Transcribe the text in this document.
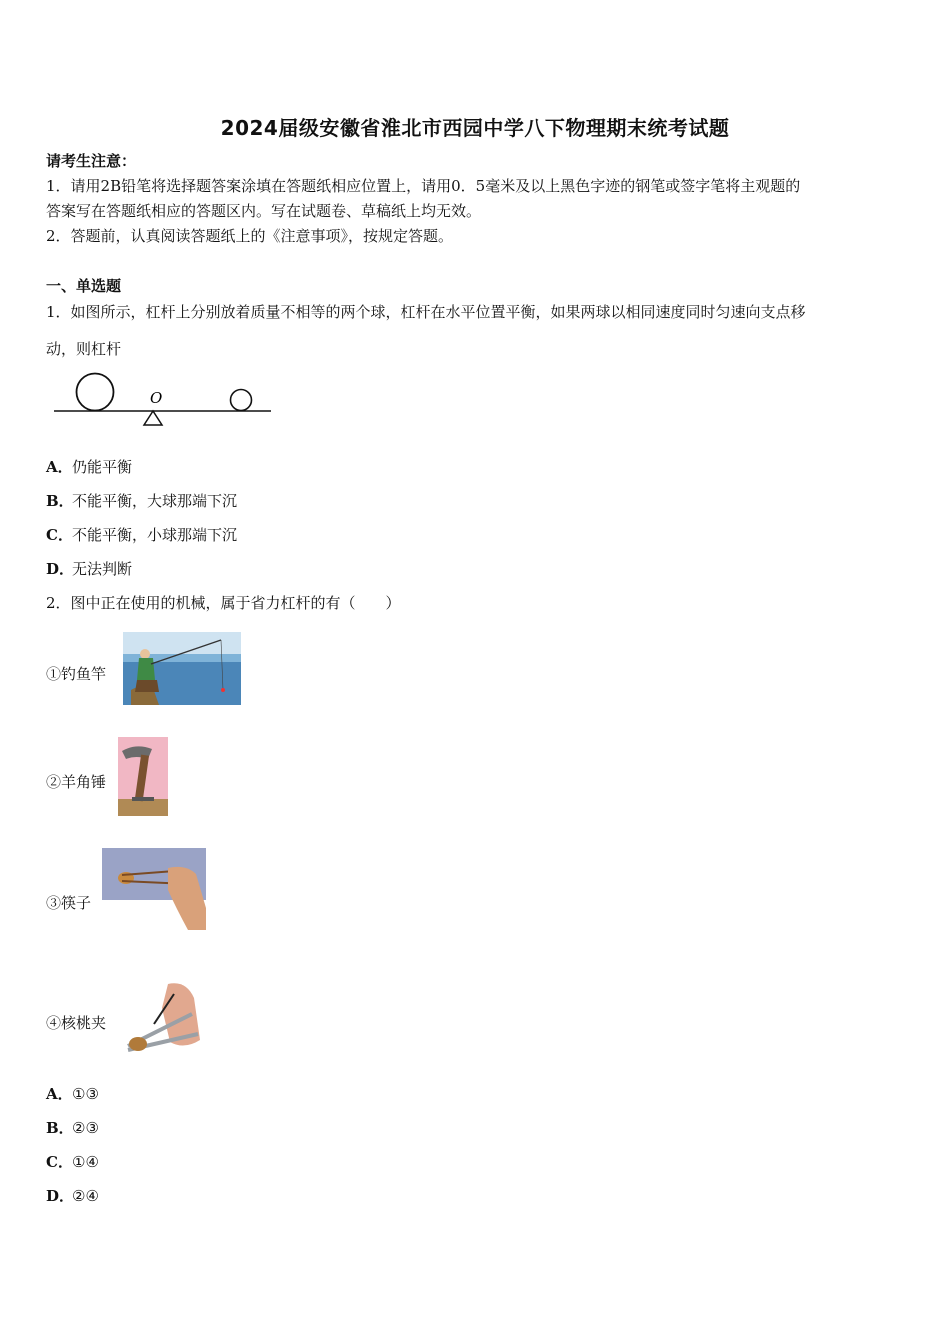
2024届级安徽省淮北市西园中学八下物理期末统考试题
请考生注意：
1．请用2B铅笔将选择题答案涂填在答题纸相应位置上，请用0．5毫米及以上黑色字迹的钢笔或签字笔将主观题的
答案写在答题纸相应的答题区内。写在试题卷、草稿纸上均无效。
2．答题前，认真阅读答题纸上的《注意事项》，按规定答题。
一、单选题
1．如图所示，杠杆上分别放着质量不相等的两个球，杠杆在水平位置平衡，如果两球以相同速度同时匀速向支点移
动，则杠杆
O
A．仍能平衡
B．不能平衡，大球那端下沉
C．不能平衡，小球那端下沉
D．无法判断
2．图中正在使用的机械，属于省力杠杆的有（　　）
①钓鱼竿
②羊角锤
③筷子
④核桃夹
A．①③
B．②③
C．①④
D．②④
